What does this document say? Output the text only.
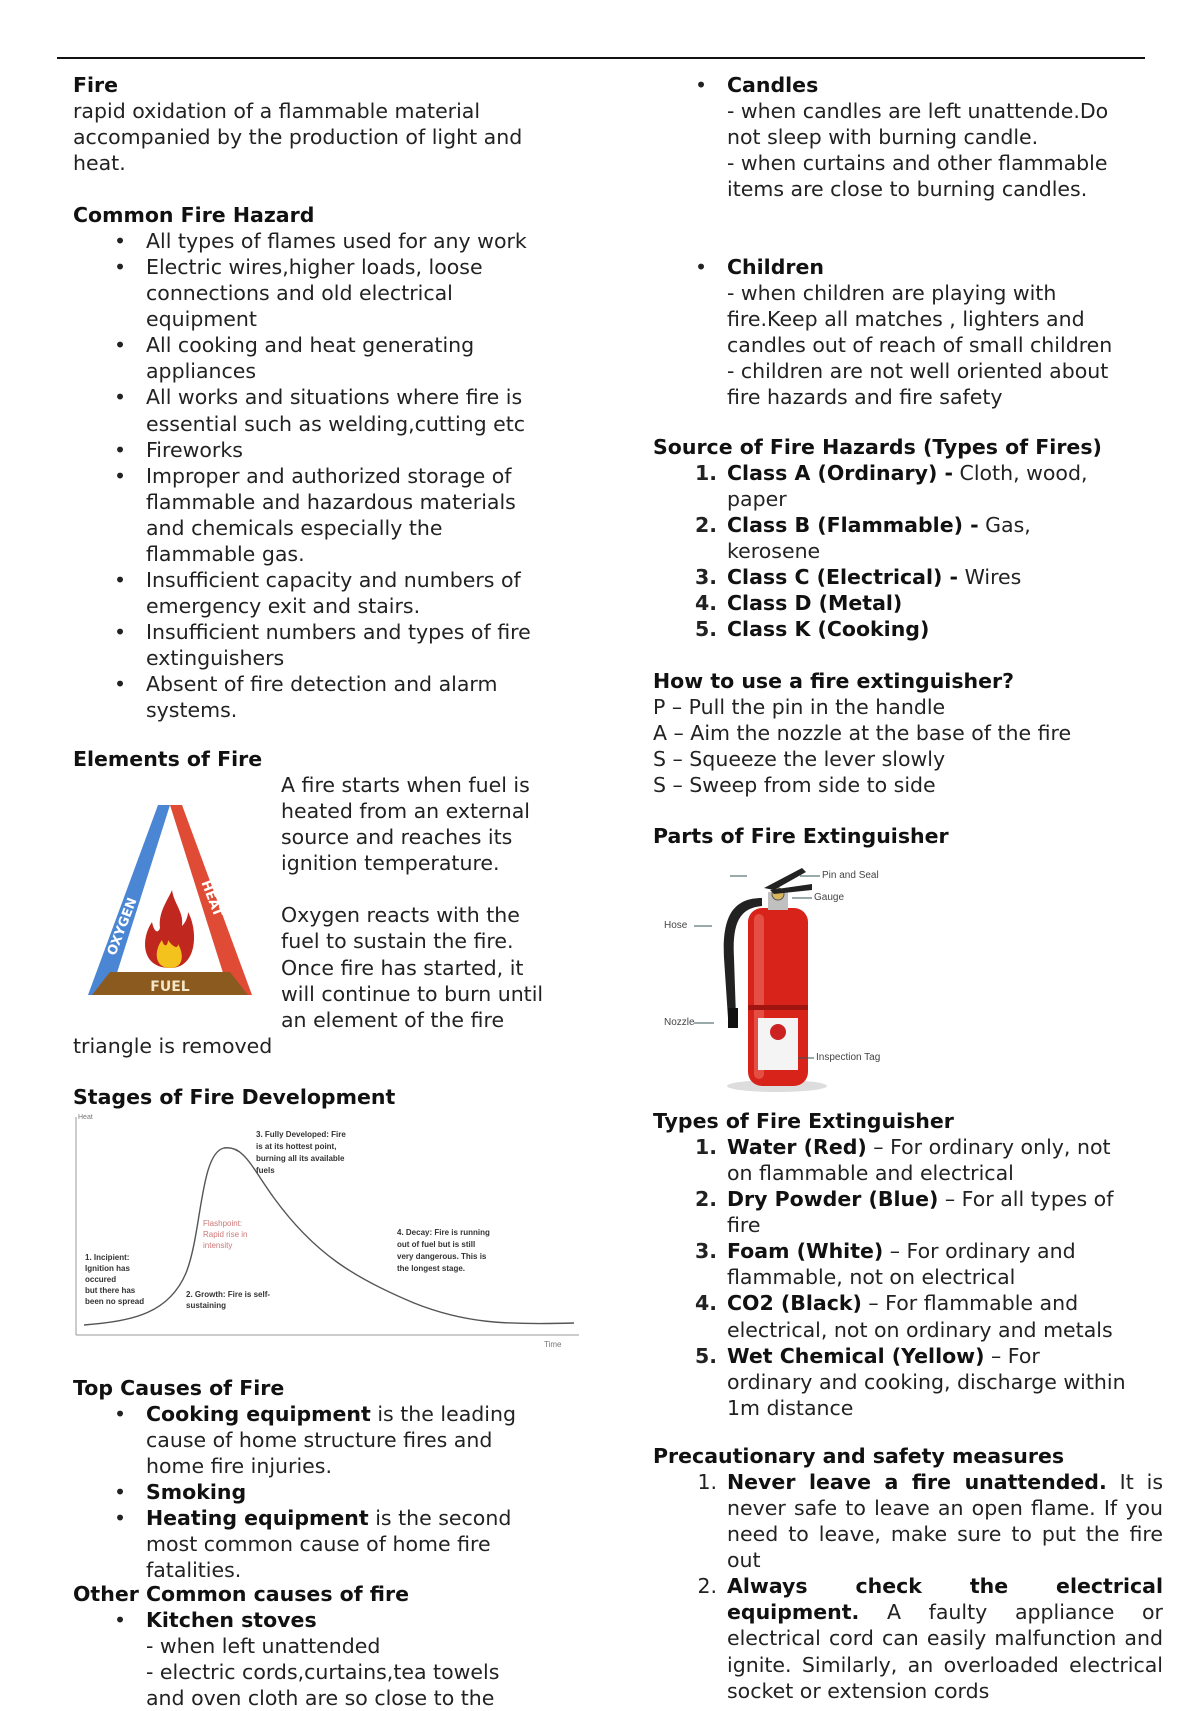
Fire
rapid oxidation of a flammable material
accompanied by the production of light and
heat.
Common Fire Hazard
• All types of flames used for any work
• Electric wires,higher loads, loose
connections and old electrical
equipment
• All cooking and heat generating
appliances
• All works and situations where fire is
essential such as welding,cutting etc
• Fireworks
• Improper and authorized storage of
flammable and hazardous materials
and chemicals especially the
flammable gas.
• Insufficient capacity and numbers of
emergency exit and stairs.
• Insufficient numbers and types of fire
extinguishers
• Absent of fire detection and alarm
systems.
Elements of Fire
A fire starts when fuel is
heated from an external
source and reaches its
ignition temperature.

Oxygen reacts with the
fuel to sustain the fire.
Once fire has started, it
will continue to burn until
an element of the fire
triangle is removed
OXYGEN	HEAT
FUEL
Stages of Fire Development
Heat
Time
1. Incipient:
Ignition has
occured
but there has
been no spread
2. Growth: Fire is self-
sustaining
Flashpoint:
Rapid rise in
intensity
3. Fully Developed: Fire
is at its hottest point,
burning all its available
fuels
4. Decay: Fire is running
out of fuel but is still
very dangerous. This is
the longest stage.
Top Causes of Fire
• Cooking equipment is the leading
cause of home structure fires and
home fire injuries.
• Smoking
• Heating equipment is the second
most common cause of home fire
fatalities.
Other Common causes of fire
• Kitchen stoves
- when left unattended
- electric cords,curtains,tea towels
and oven cloth are so close to the
• Candles
- when candles are left unattende.Do
not sleep with burning candle.
- when curtains and other flammable
items are close to burning candles.
• Children
- when children are playing with
fire.Keep all matches , lighters and
candles out of reach of small children
- children are not well oriented about
fire hazards and fire safety
Source of Fire Hazards (Types of Fires)
1. Class A (Ordinary) - Cloth, wood,
paper
2. Class B (Flammable) - Gas,
kerosene
3. Class C (Electrical) - Wires
4. Class D (Metal)
5. Class K (Cooking)
How to use a fire extinguisher?
P – Pull the pin in the handle
A – Aim the nozzle at the base of the fire
S – Squeeze the lever slowly
S – Sweep from side to side
Parts of Fire Extinguisher
Pin and Seal
Gauge
Hose
Nozzle
Inspection Tag
Types of Fire Extinguisher
1. Water (Red) – For ordinary only, not
on flammable and electrical
2. Dry Powder (Blue) – For all types of
fire
3. Foam (White) – For ordinary and
flammable, not on electrical
4. CO2 (Black) – For flammable and
electrical, not on ordinary and metals
5. Wet Chemical (Yellow) – For
ordinary and cooking, discharge within
1m distance
Precautionary and safety measures
1. Never leave a fire unattended. It is never safe to leave an open flame. If you need to leave, make sure to put the fire out
2. Always check the electrical equipment. A faulty appliance or electrical cord can easily malfunction and ignite. Similarly, an overloaded electrical socket or extension cords
